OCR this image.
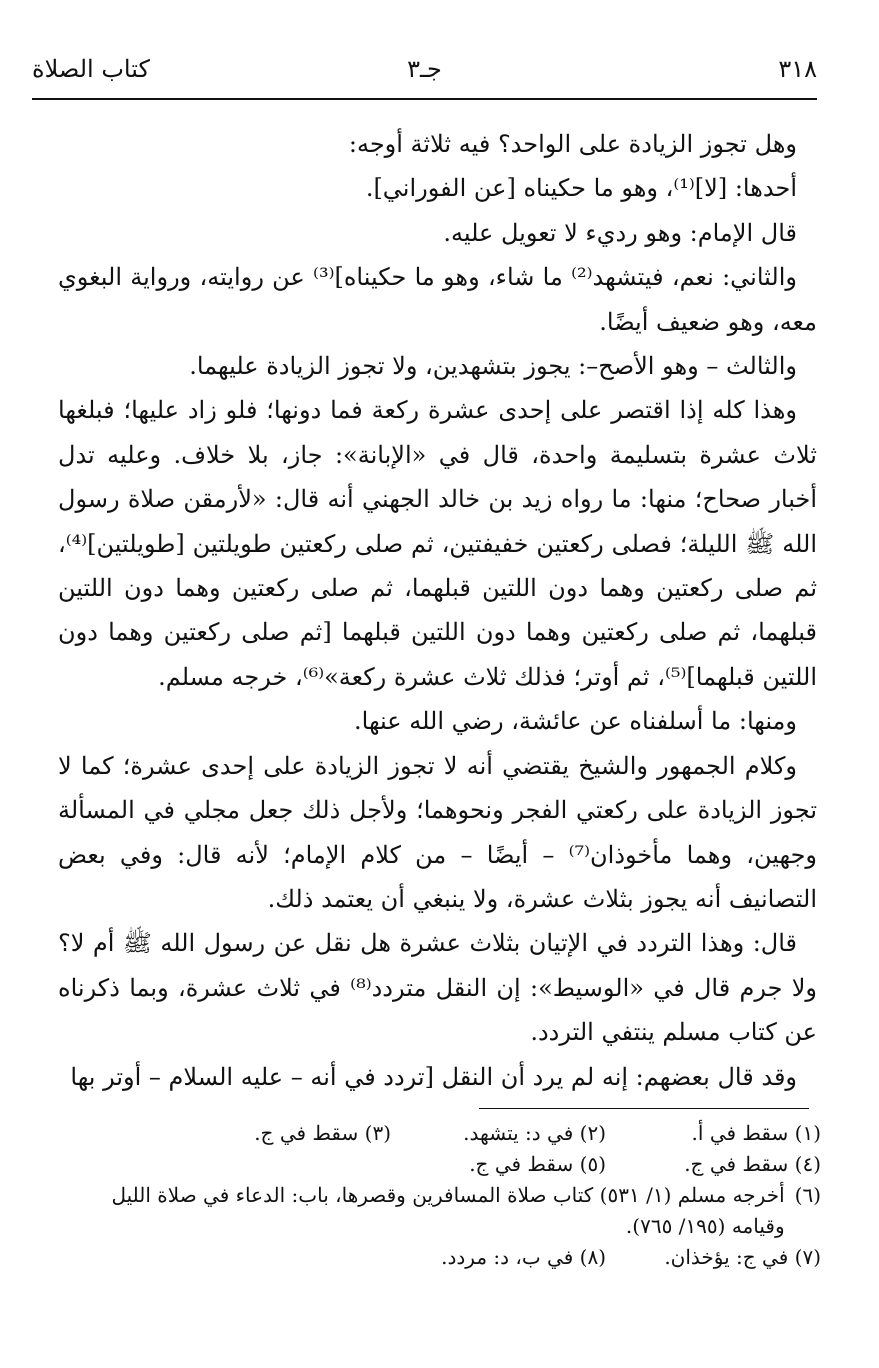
٣١٨
جـ٣
كتاب الصلاة

وهل تجوز الزيادة على الواحد؟ فيه ثلاثة أوجه:

أحدها: [لا]⁽¹⁾، وهو ما حكيناه [عن الفوراني].

قال الإمام: وهو رديء لا تعويل عليه.

والثاني: نعم، فيتشهد⁽²⁾ ما شاء، وهو ما حكيناه]⁽³⁾ عن روايته، ورواية البغوي معه، وهو ضعيف أيضًا.

والثالث – وهو الأصح–: يجوز بتشهدين، ولا تجوز الزيادة عليهما.

وهذا كله إذا اقتصر على إحدى عشرة ركعة فما دونها؛ فلو زاد عليها؛ فبلغها ثلاث عشرة بتسليمة واحدة، قال في «الإبانة»: جاز، بلا خلاف. وعليه تدل أخبار صحاح؛ منها: ما رواه زيد بن خالد الجهني أنه قال: «لأرمقن صلاة رسول الله ﷺ الليلة؛ فصلى ركعتين خفيفتين، ثم صلى ركعتين طويلتين [طويلتين]⁽⁴⁾، ثم صلى ركعتين وهما دون اللتين قبلهما، ثم صلى ركعتين وهما دون اللتين قبلهما، ثم صلى ركعتين وهما دون اللتين قبلهما [ثم صلى ركعتين وهما دون اللتين قبلهما]⁽⁵⁾، ثم أوتر؛ فذلك ثلاث عشرة ركعة»⁽⁶⁾، خرجه مسلم.

ومنها: ما أسلفناه عن عائشة، رضي الله عنها.

وكلام الجمهور والشيخ يقتضي أنه لا تجوز الزيادة على إحدى عشرة؛ كما لا تجوز الزيادة على ركعتي الفجر ونحوهما؛ ولأجل ذلك جعل مجلي في المسألة وجهين، وهما مأخوذان⁽⁷⁾ – أيضًا – من كلام الإمام؛ لأنه قال: وفي بعض التصانيف أنه يجوز بثلاث عشرة، ولا ينبغي أن يعتمد ذلك.

قال: وهذا التردد في الإتيان بثلاث عشرة هل نقل عن رسول الله ﷺ أم لا؟ ولا جرم قال في «الوسيط»: إن النقل متردد⁽⁸⁾ في ثلاث عشرة، وبما ذكرناه عن كتاب مسلم ينتفي التردد.

وقد قال بعضهم: إنه لم يرد أن النقل [تردد في أنه – عليه السلام – أوتر بها

(١) سقط في أ.
(٢) في د: يتشهد.
(٣) سقط في ج.
(٤) سقط في ج.
(٥) سقط في ج.
(٦)
أخرجه مسلم (١/ ٥٣١) كتاب صلاة المسافرين وقصرها، باب: الدعاء في صلاة الليل وقيامه (١٩٥/ ٧٦٥).
(٧) في ج: يؤخذان.
(٨) في ب، د: مردد.
